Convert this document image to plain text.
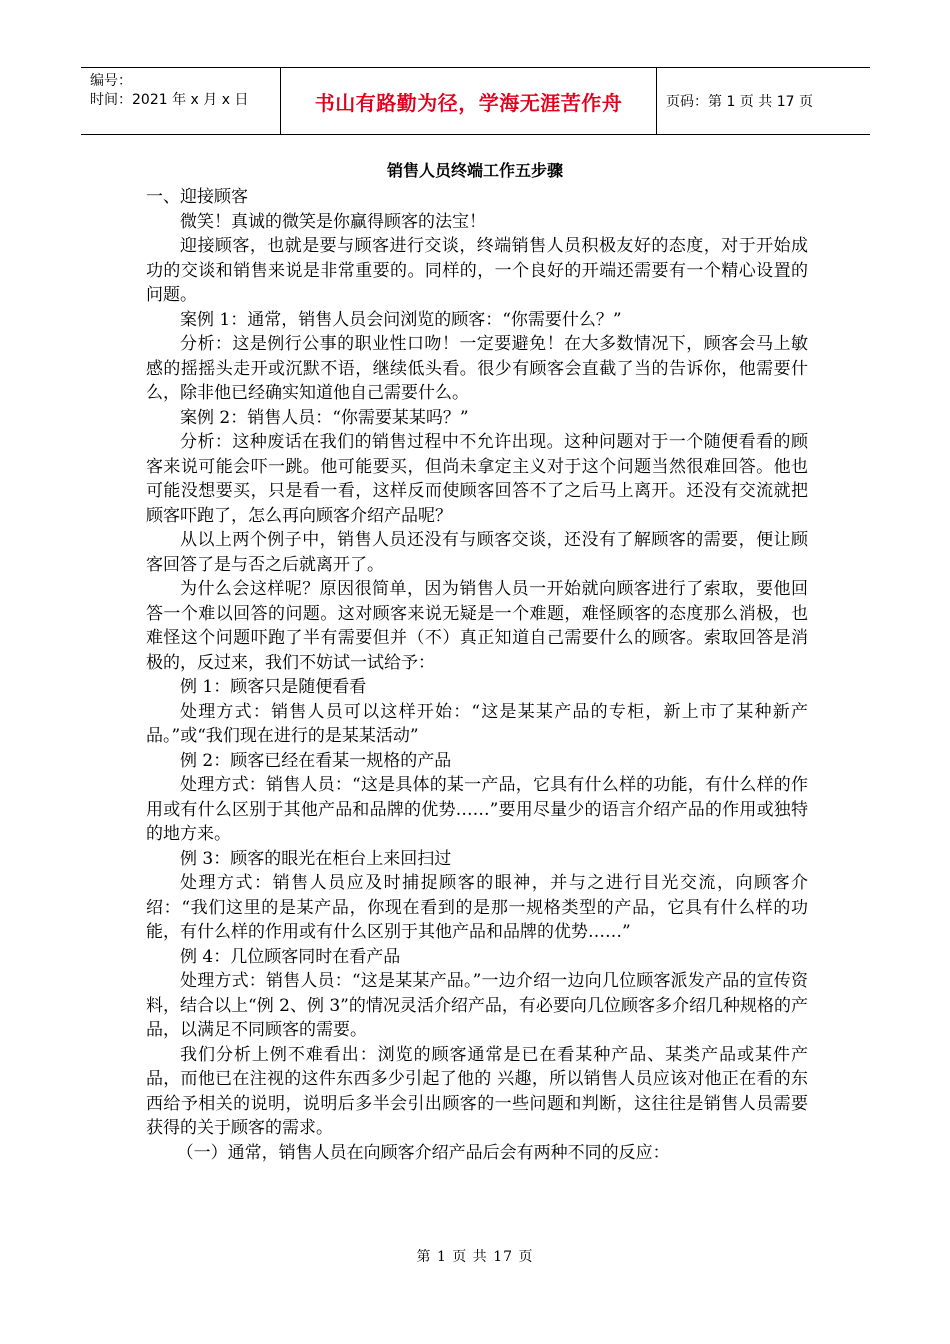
编号：
时间：2021 年 x 月 x 日	书山有路勤为径，学海无涯苦作舟	页码：第 1 页 共 17 页
销售人员终端工作五步骤

一、迎接顾客

微笑！真诚的微笑是你赢得顾客的法宝！

迎接顾客，也就是要与顾客进行交谈，终端销售人员积极友好的态度，对于开始成功的交谈和销售来说是非常重要的。同样的，一个良好的开端还需要有一个精心设置的问题。

案例 1：通常，销售人员会问浏览的顾客：“你需要什么？”

分析：这是例行公事的职业性口吻！一定要避免！在大多数情况下，顾客会马上敏感的摇摇头走开或沉默不语，继续低头看。很少有顾客会直截了当的告诉你，他需要什么，除非他已经确实知道他自己需要什么。

案例 2：销售人员：“你需要某某吗？”

分析：这种废话在我们的销售过程中不允许出现。这种问题对于一个随便看看的顾客来说可能会吓一跳。他可能要买，但尚未拿定主义对于这个问题当然很难回答。他也可能没想要买，只是看一看，这样反而使顾客回答不了之后马上离开。还没有交流就把顾客吓跑了，怎么再向顾客介绍产品呢？

从以上两个例子中，销售人员还没有与顾客交谈，还没有了解顾客的需要，便让顾客回答了是与否之后就离开了。

为什么会这样呢？原因很简单，因为销售人员一开始就向顾客进行了索取，要他回答一个难以回答的问题。这对顾客来说无疑是一个难题，难怪顾客的态度那么消极，也难怪这个问题吓跑了半有需要但并（不）真正知道自己需要什么的顾客。索取回答是消极的，反过来，我们不妨试一试给予：

例 1：顾客只是随便看看

处理方式：销售人员可以这样开始：“这是某某产品的专柜，新上市了某种新产品。”或“我们现在进行的是某某活动”

例 2：顾客已经在看某一规格的产品

处理方式：销售人员：“这是具体的某一产品，它具有什么样的功能，有什么样的作用或有什么区别于其他产品和品牌的优势……”要用尽量少的语言介绍产品的作用或独特的地方来。

例 3：顾客的眼光在柜台上来回扫过

处理方式：销售人员应及时捕捉顾客的眼神，并与之进行目光交流，向顾客介绍：“我们这里的是某产品，你现在看到的是那一规格类型的产品，它具有什么样的功能，有什么样的作用或有什么区别于其他产品和品牌的优势……”

例 4：几位顾客同时在看产品

处理方式：销售人员：“这是某某产品。”一边介绍一边向几位顾客派发产品的宣传资料，结合以上“例 2、例 3”的情况灵活介绍产品，有必要向几位顾客多介绍几种规格的产品，以满足不同顾客的需要。

我们分析上例不难看出：浏览的顾客通常是已在看某种产品、某类产品或某件产品，而他已在注视的这件东西多少引起了他的 兴趣，所以销售人员应该对他正在看的东西给予相关的说明，说明后多半会引出顾客的一些问题和判断，这往往是销售人员需要获得的关于顾客的需求。

（一）通常，销售人员在向顾客介绍产品后会有两种不同的反应：

第 1 页 共 17 页
